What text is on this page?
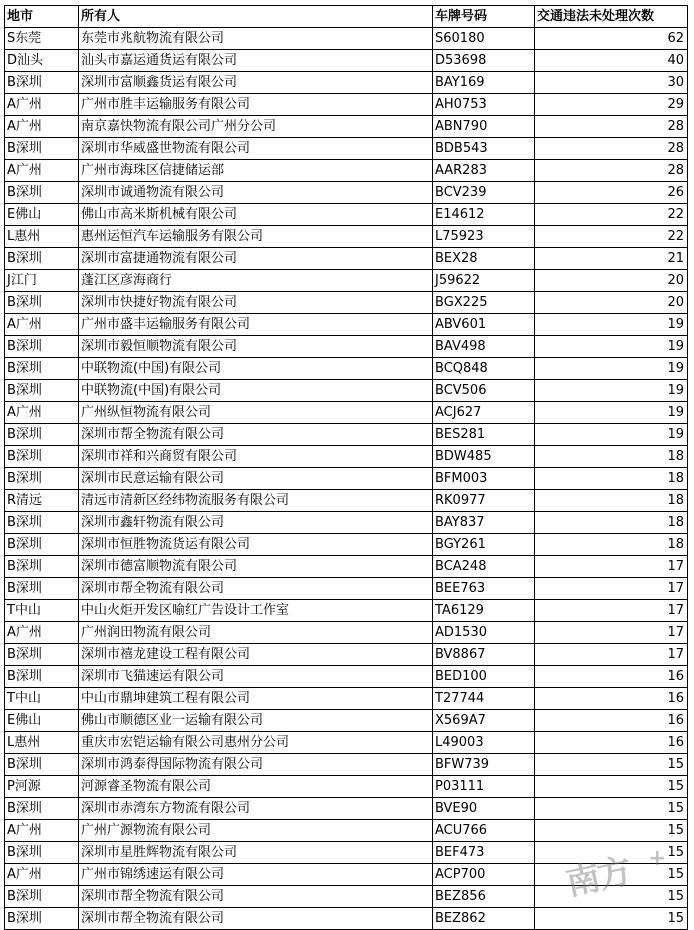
地市	所有人	车牌号码	交通违法未处理次数
S东莞	东莞市兆航物流有限公司	S60180	62
D汕头	汕头市嘉运通货运有限公司	D53698	40
B深圳	深圳市富顺鑫货运有限公司	BAY169	30
A广州	广州市胜丰运输服务有限公司	AH0753	29
A广州	南京嘉快物流有限公司广州分公司	ABN790	28
B深圳	深圳市华威盛世物流有限公司	BDB543	28
A广州	广州市海珠区信捷储运部	AAR283	28
B深圳	深圳市诚通物流有限公司	BCV239	26
E佛山	佛山市高米斯机械有限公司	E14612	22
L惠州	惠州运恒汽车运输服务有限公司	L75923	22
B深圳	深圳市富捷通物流有限公司	BEX28	21
J江门	蓬江区彦海商行	J59622	20
B深圳	深圳市快捷好物流有限公司	BGX225	20
A广州	广州市盛丰运输服务有限公司	ABV601	19
B深圳	深圳市毅恒顺物流有限公司	BAV498	19
B深圳	中联物流(中国)有限公司	BCQ848	19
B深圳	中联物流(中国)有限公司	BCV506	19
A广州	广州纵恒物流有限公司	ACJ627	19
B深圳	深圳市帮全物流有限公司	BES281	19
B深圳	深圳市祥和兴商贸有限公司	BDW485	18
B深圳	深圳市民意运输有限公司	BFM003	18
R清远	清远市清新区经纬物流服务有限公司	RK0977	18
B深圳	深圳市鑫轩物流有限公司	BAY837	18
B深圳	深圳市恒胜物流货运有限公司	BGY261	18
B深圳	深圳市德富顺物流有限公司	BCA248	17
B深圳	深圳市帮全物流有限公司	BEE763	17
T中山	中山火炬开发区喻红广告设计工作室	TA6129	17
A广州	广州润田物流有限公司	AD1530	17
B深圳	深圳市禧龙建设工程有限公司	BV8867	17
B深圳	深圳市飞猫速运有限公司	BED100	16
T中山	中山市鼎坤建筑工程有限公司	T27744	16
E佛山	佛山市顺德区业一运输有限公司	X569A7	16
L惠州	重庆市宏铠运输有限公司惠州分公司	L49003	16
B深圳	深圳市鸿泰得国际物流有限公司	BFW739	15
P河源	河源睿圣物流有限公司	P03111	15
B深圳	深圳市赤湾东方物流有限公司	BVE90	15
A广州	广州广源物流有限公司	ACU766	15
B深圳	深圳市星胜辉物流有限公司	BEF473	15
A广州	广州市锦绣速运有限公司	ACP700	15
B深圳	深圳市帮全物流有限公司	BEZ856	15
B深圳	深圳市帮全物流有限公司	BEZ862	15
南方 +
